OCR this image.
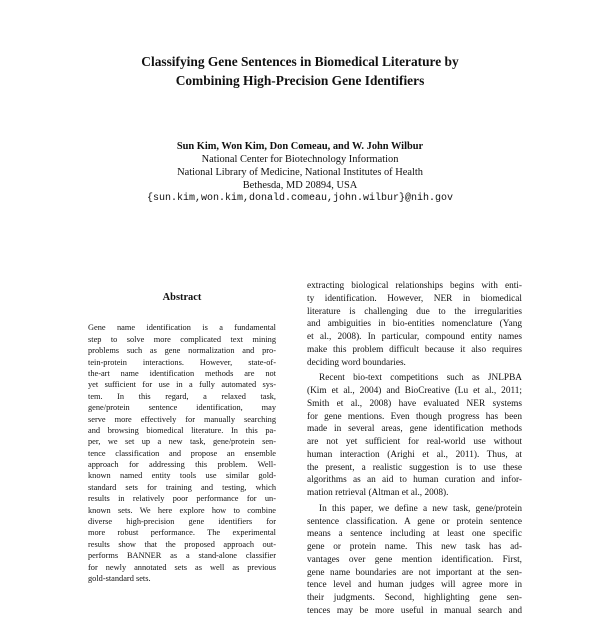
Classifying Gene Sentences in Biomedical Literature by
Combining High-Precision Gene Identifiers
Sun Kim, Won Kim, Don Comeau, and W. John Wilbur
National Center for Biotechnology Information
National Library of Medicine, National Institutes of Health
Bethesda, MD 20894, USA
{sun.kim,won.kim,donald.comeau,john.wilbur}@nih.gov
Abstract
Gene name identification is a fundamental
step to solve more complicated text mining
problems such as gene normalization and pro-
tein-protein interactions. However, state-of-
the-art name identification methods are not
yet sufficient for use in a fully automated sys-
tem. In this regard, a relaxed task,
gene/protein sentence identification, may
serve more effectively for manually searching
and browsing biomedical literature. In this pa-
per, we set up a new task, gene/protein sen-
tence classification and propose an ensemble
approach for addressing this problem. Well-
known named entity tools use similar gold-
standard sets for training and testing, which
results in relatively poor performance for un-
known sets. We here explore how to combine
diverse high-precision gene identifiers for
more robust performance. The experimental
results show that the proposed approach out-
performs BANNER as a stand-alone classifier
for newly annotated sets as well as previous
gold-standard sets.
extracting biological relationships begins with enti-
ty identification. However, NER in biomedical
literature is challenging due to the irregularities
and ambiguities in bio-entities nomenclature (Yang
et al., 2008). In particular, compound entity names
make this problem difficult because it also requires
deciding word boundaries.
Recent bio-text competitions such as JNLPBA
(Kim et al., 2004) and BioCreative (Lu et al., 2011;
Smith et al., 2008) have evaluated NER systems
for gene mentions. Even though progress has been
made in several areas, gene identification methods
are not yet sufficient for real-world use without
human interaction (Arighi et al., 2011). Thus, at
the present, a realistic suggestion is to use these
algorithms as an aid to human curation and infor-
mation retrieval (Altman et al., 2008).
In this paper, we define a new task, gene/protein
sentence classification. A gene or protein sentence
means a sentence including at least one specific
gene or protein name. This new task has ad-
vantages over gene mention identification. First,
gene name boundaries are not important at the sen-
tence level and human judges will agree more in
their judgments. Second, highlighting gene sen-
tences may be more useful in manual search and
